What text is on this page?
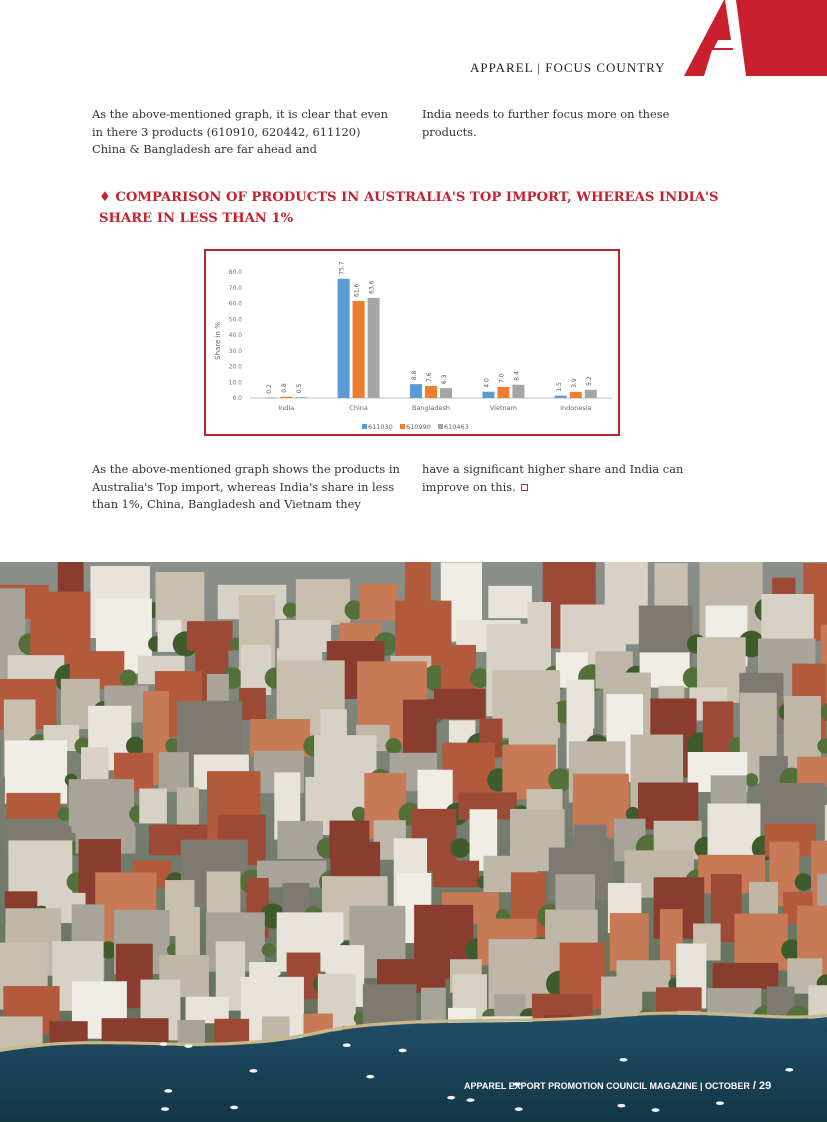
APPAREL | FOCUS COUNTRY
As the above-mentioned graph, it is clear that even in there 3 products (610910, 620442, 611120) China & Bangladesh are far ahead and
India needs to further focus more on these products.
♦ COMPARISON OF PRODUCTS IN AUSTRALIA'S TOP IMPORT, WHEREAS INDIA'S SHARE IN LESS THAN 1%
Share in %
0.0
10.0
20.0
30.0
40.0
50.0
60.0
70.0
80.0
India
0.2 0.8 0.5
China
75.7
61.6 63.6
Bangladesh
8.8 7.6 6.3
Vietnam
4.0 7.0 8.4
Indonesia
1.5 3.9 5.2
611030 610990 610463
As the above-mentioned graph shows the products in Australia's Top import, whereas India's share in less than 1%, China, Bangladesh and Vietnam they
have a significant higher share and India can improve on this.
APPAREL EXPORT PROMOTION COUNCIL MAGAZINE | OCTOBER / 29
